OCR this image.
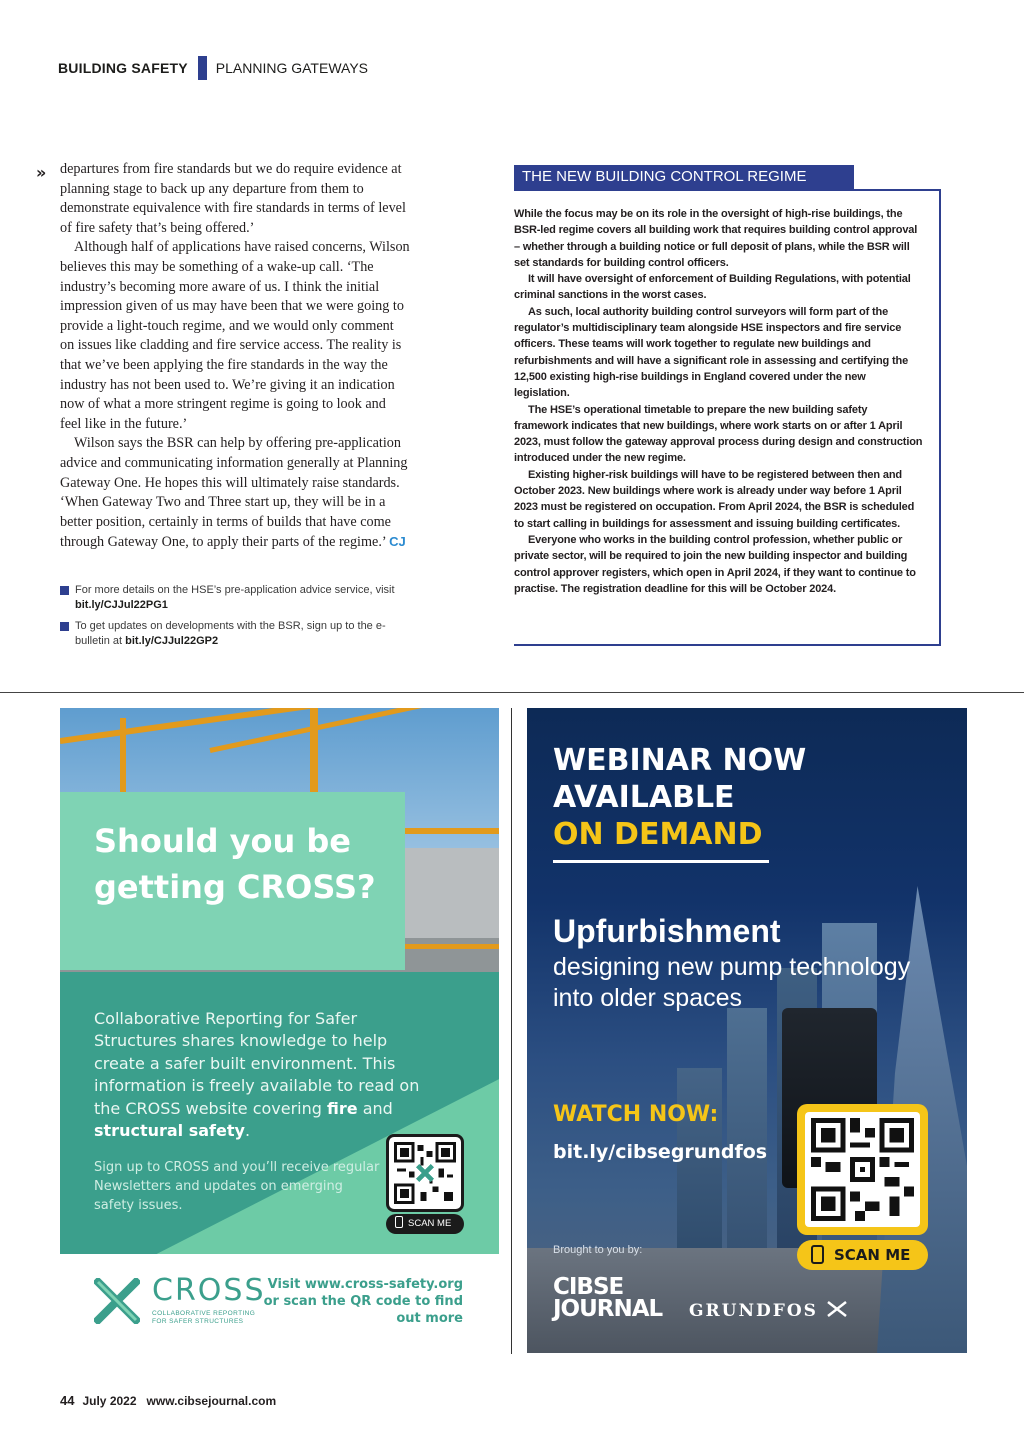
BUILDING SAFETY PLANNING GATEWAYS
» departures from fire standards but we do require evidence at planning stage to back up any departure from them to demonstrate equivalence with fire standards in terms of level of fire safety that’s being offered.’

Although half of applications have raised concerns, Wilson believes this may be something of a wake-up call. ‘The industry’s becoming more aware of us. I think the initial impression given of us may have been that we were going to provide a light-touch regime, and we would only comment on issues like cladding and fire service access. The reality is that we’ve been applying the fire standards in the way the industry has not been used to. We’re giving it an indication now of what a more stringent regime is going to look and feel like in the future.’

Wilson says the BSR can help by offering pre-application advice and communicating information generally at Planning Gateway One. He hopes this will ultimately raise standards. ‘When Gateway Two and Three start up, they will be in a better position, certainly in terms of builds that have come through Gateway One, to apply their parts of the regime.’ CJ

For more details on the HSE’s pre-application advice service, visit
bit.ly/CJJul22PG1
To get updates on developments with the BSR, sign up to the e-bulletin at bit.ly/CJJul22GP2
THE NEW BUILDING CONTROL REGIME

While the focus may be on its role in the oversight of high-rise buildings, the BSR-led regime covers all building work that requires building control approval – whether through a building notice or full deposit of plans, while the BSR will set standards for building control officers.

It will have oversight of enforcement of Building Regulations, with potential criminal sanctions in the worst cases.

As such, local authority building control surveyors will form part of the regulator’s multidisciplinary team alongside HSE inspectors and fire service officers. These teams will work together to regulate new buildings and refurbishments and will have a significant role in assessing and certifying the 12,500 existing high-rise buildings in England covered under the new legislation.

The HSE’s operational timetable to prepare the new building safety framework indicates that new buildings, where work starts on or after 1 April 2023, must follow the gateway approval process during design and construction introduced under the new regime.

Existing higher-risk buildings will have to be registered between then and October 2023. New buildings where work is already under way before 1 April 2023 must be registered on occupation. From April 2024, the BSR is scheduled to start calling in buildings for assessment and issuing building certificates.

Everyone who works in the building control profession, whether public or private sector, will be required to join the new building inspector and building control approver registers, which open in April 2024, if they want to continue to practise. The registration deadline for this will be October 2024.

Should you be getting CROSS?
Collaborative Reporting for Safer Structures shares knowledge to help create a safer built environment. This information is freely available to read on the CROSS website covering fire and structural safety.
Sign up to CROSS and you’ll receive regular Newsletters and updates on emerging safety issues.
SCAN ME
CROSS
COLLABORATIVE REPORTING FOR SAFER STRUCTURES
Visit www.cross-safety.org or scan the QR code to find out more
WEBINAR NOW
AVAILABLE
ON DEMAND
Upfurbishment
designing new pump technology into older spaces
WATCH NOW:
bit.ly/cibsegrundfos
SCAN ME
Brought to you by:
CIBSE
JOURNAL GRUNDFOS
44 July 2022 www.cibsejournal.com
